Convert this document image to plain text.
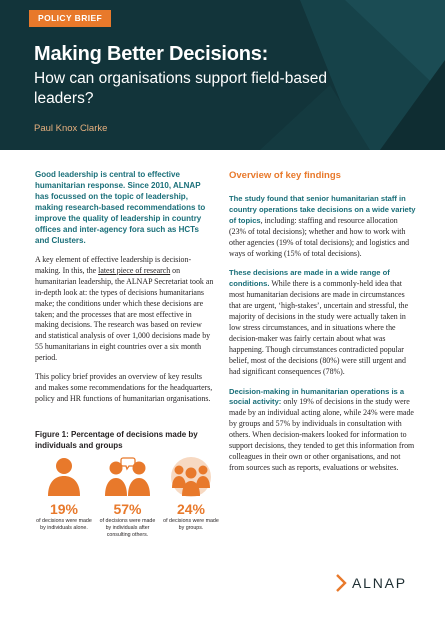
POLICY BRIEF
Making Better Decisions:
How can organisations support field-based leaders?
Paul Knox Clarke

Good leadership is central to effective humanitarian response. Since 2010, ALNAP has focussed on the topic of leadership, making research-based recommendations to improve the quality of leadership in country offices and inter-agency fora such as HCTs and Clusters.

A key element of effective leadership is decision-making. In this, the latest piece of research on humanitarian leadership, the ALNAP Secretariat took an in-depth look at: the types of decisions humanitarians make; the conditions under which these decisions are taken; and the processes that are most effective in making decisions. The research was based on review and statistical analysis of over 1,000 decisions made by 55 humanitarians in eight countries over a six month period.

This policy brief provides an overview of key results and makes some recommendations for the headquarters, policy and HR functions of humanitarian organisations.

Figure 1: Percentage of decisions made by individuals and groups
19%
of decisions were made by individuals alone.
57%
of decisions were made by individuals after consulting others.
24%
of decisions were made by groups.
Overview of key findings

The study found that senior humanitarian staff in country operations take decisions on a wide variety of topics, including: staffing and resource allocation (23% of total decisions); whether and how to work with other agencies (19% of total decisions); and logistics and ways of working (15% of total decisions).

These decisions are made in a wide range of conditions. While there is a commonly-held idea that most humanitarian decisions are made in circumstances that are urgent, ‘high-stakes’, uncertain and stressful, the majority of decisions in the study were actually taken in low stress circumstances, and in situations where the decision-maker was fairly certain about what was happening. Though circumstances contradicted popular belief, most of the decisions (80%) were still urgent and had significant consequences (78%).

Decision-making in humanitarian operations is a social activity: only 19% of decisions in the study were made by an individual acting alone, while 24% were made by groups and 57% by individuals in consultation with others. When decision-makers looked for information to support decisions, they tended to get this information from colleagues in their own or other organisations, and not from sources such as reports, evaluations or websites.

ALNAP
